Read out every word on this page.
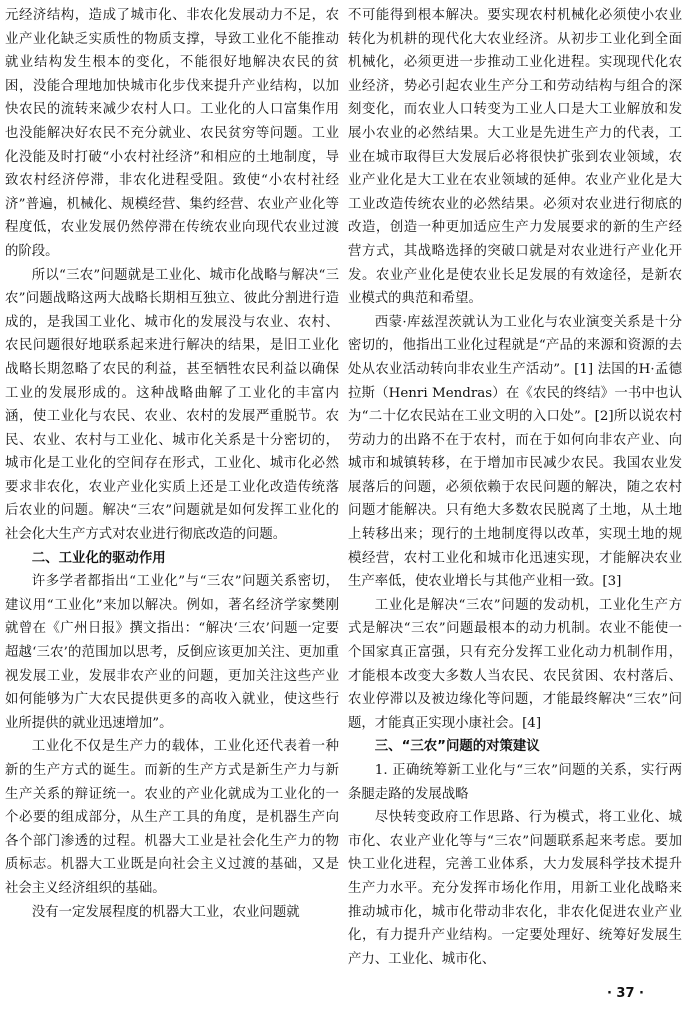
元经济结构，造成了城市化、非农化发展动力不足，农业产业化缺乏实质性的物质支撑，导致工业化不能推动就业结构发生根本的变化，不能很好地解决农民的贫困，没能合理地加快城市化步伐来提升产业结构，以加快农民的流转来减少农村人口。工业化的人口富集作用也没能解决好农民不充分就业、农民贫穷等问题。工业化没能及时打破“小农村社经济”和相应的土地制度，导致农村经济停滞，非农化进程受阻。致使“小农村社经济”普遍，机械化、规模经营、集约经营、农业产业化等程度低，农业发展仍然停滞在传统农业向现代农业过渡的阶段。

所以“三农”问题就是工业化、城市化战略与解决“三农”问题战略这两大战略长期相互独立、彼此分割进行造成的，是我国工业化、城市化的发展没与农业、农村、农民问题很好地联系起来进行解决的结果，是旧工业化战略长期忽略了农民的利益，甚至牺牲农民利益以确保工业的发展形成的。这种战略曲解了工业化的丰富内涵，使工业化与农民、农业、农村的发展严重脱节。农民、农业、农村与工业化、城市化关系是十分密切的，城市化是工业化的空间存在形式，工业化、城市化必然要求非农化，农业产业化实质上还是工业化改造传统落后农业的问题。解决“三农”问题就是如何发挥工业化的社会化大生产方式对农业进行彻底改造的问题。

二、工业化的驱动作用

许多学者都指出“工业化”与“三农”问题关系密切，建议用“工业化”来加以解决。例如，著名经济学家樊刚就曾在《广州日报》撰文指出：“解决‘三农’问题一定要超越‘三农’的范围加以思考，反倒应该更加关注、更加重视发展工业，发展非农产业的问题，更加关注这些产业如何能够为广大农民提供更多的高收入就业，使这些行业所提供的就业迅速增加”。

工业化不仅是生产力的载体，工业化还代表着一种新的生产方式的诞生。而新的生产方式是新生产力与新生产关系的辩证统一。农业的产业化就成为工业化的一个必要的组成部分，从生产工具的角度，是机器生产向各个部门渗透的过程。机器大工业是社会化生产力的物质标志。机器大工业既是向社会主义过渡的基础，又是社会主义经济组织的基础。

没有一定发展程度的机器大工业，农业问题就

不可能得到根本解决。要实现农村机械化必须使小农业转化为机耕的现代化大农业经济。从初步工业化到全面机械化，必须更进一步推动工业化进程。实现现代化农业经济，势必引起农业生产分工和劳动结构与组合的深刻变化，而农业人口转变为工业人口是大工业解放和发展小农业的必然结果。大工业是先进生产力的代表，工业在城市取得巨大发展后必将很快扩张到农业领域，农业产业化是大工业在农业领域的延伸。农业产业化是大工业改造传统农业的必然结果。必须对农业进行彻底的改造，创造一种更加适应生产力发展要求的新的生产经营方式，其战略选择的突破口就是对农业进行产业化开发。农业产业化是使农业长足发展的有效途径，是新农业模式的典范和希望。

西蒙·库兹涅茨就认为工业化与农业演变关系是十分密切的，他指出工业化过程就是“产品的来源和资源的去处从农业活动转向非农业生产活动”。[1] 法国的H·孟德拉斯（Henri Mendras）在《农民的终结》一书中也认为“二十亿农民站在工业文明的入口处”。[2]所以说农村劳动力的出路不在于农村，而在于如何向非农产业、向城市和城镇转移，在于增加市民减少农民。我国农业发展落后的问题，必须依赖于农民问题的解决，随之农村问题才能解决。只有绝大多数农民脱离了土地，从土地上转移出来；现行的土地制度得以改革，实现土地的规模经营，农村工业化和城市化迅速实现，才能解决农业生产率低，使农业增长与其他产业相一致。[3]

工业化是解决“三农”问题的发动机，工业化生产方式是解决“三农”问题最根本的动力机制。农业不能使一个国家真正富强，只有充分发挥工业化动力机制作用，才能根本改变大多数人当农民、农民贫困、农村落后、农业停滞以及被边缘化等问题，才能最终解决“三农”问题，才能真正实现小康社会。[4]

三、“三农”问题的对策建议
1. 正确统筹新工业化与“三农”问题的关系，实行两条腿走路的发展战略

尽快转变政府工作思路、行为模式，将工业化、城市化、农业产业化等与“三农”问题联系起来考虑。要加快工业化进程，完善工业体系，大力发展科学技术提升生产力水平。充分发挥市场化作用，用新工业化战略来推动城市化，城市化带动非农化，非农化促进农业产业化，有力提升产业结构。一定要处理好、统筹好发展生产力、工业化、城市化、

· 37 ·
